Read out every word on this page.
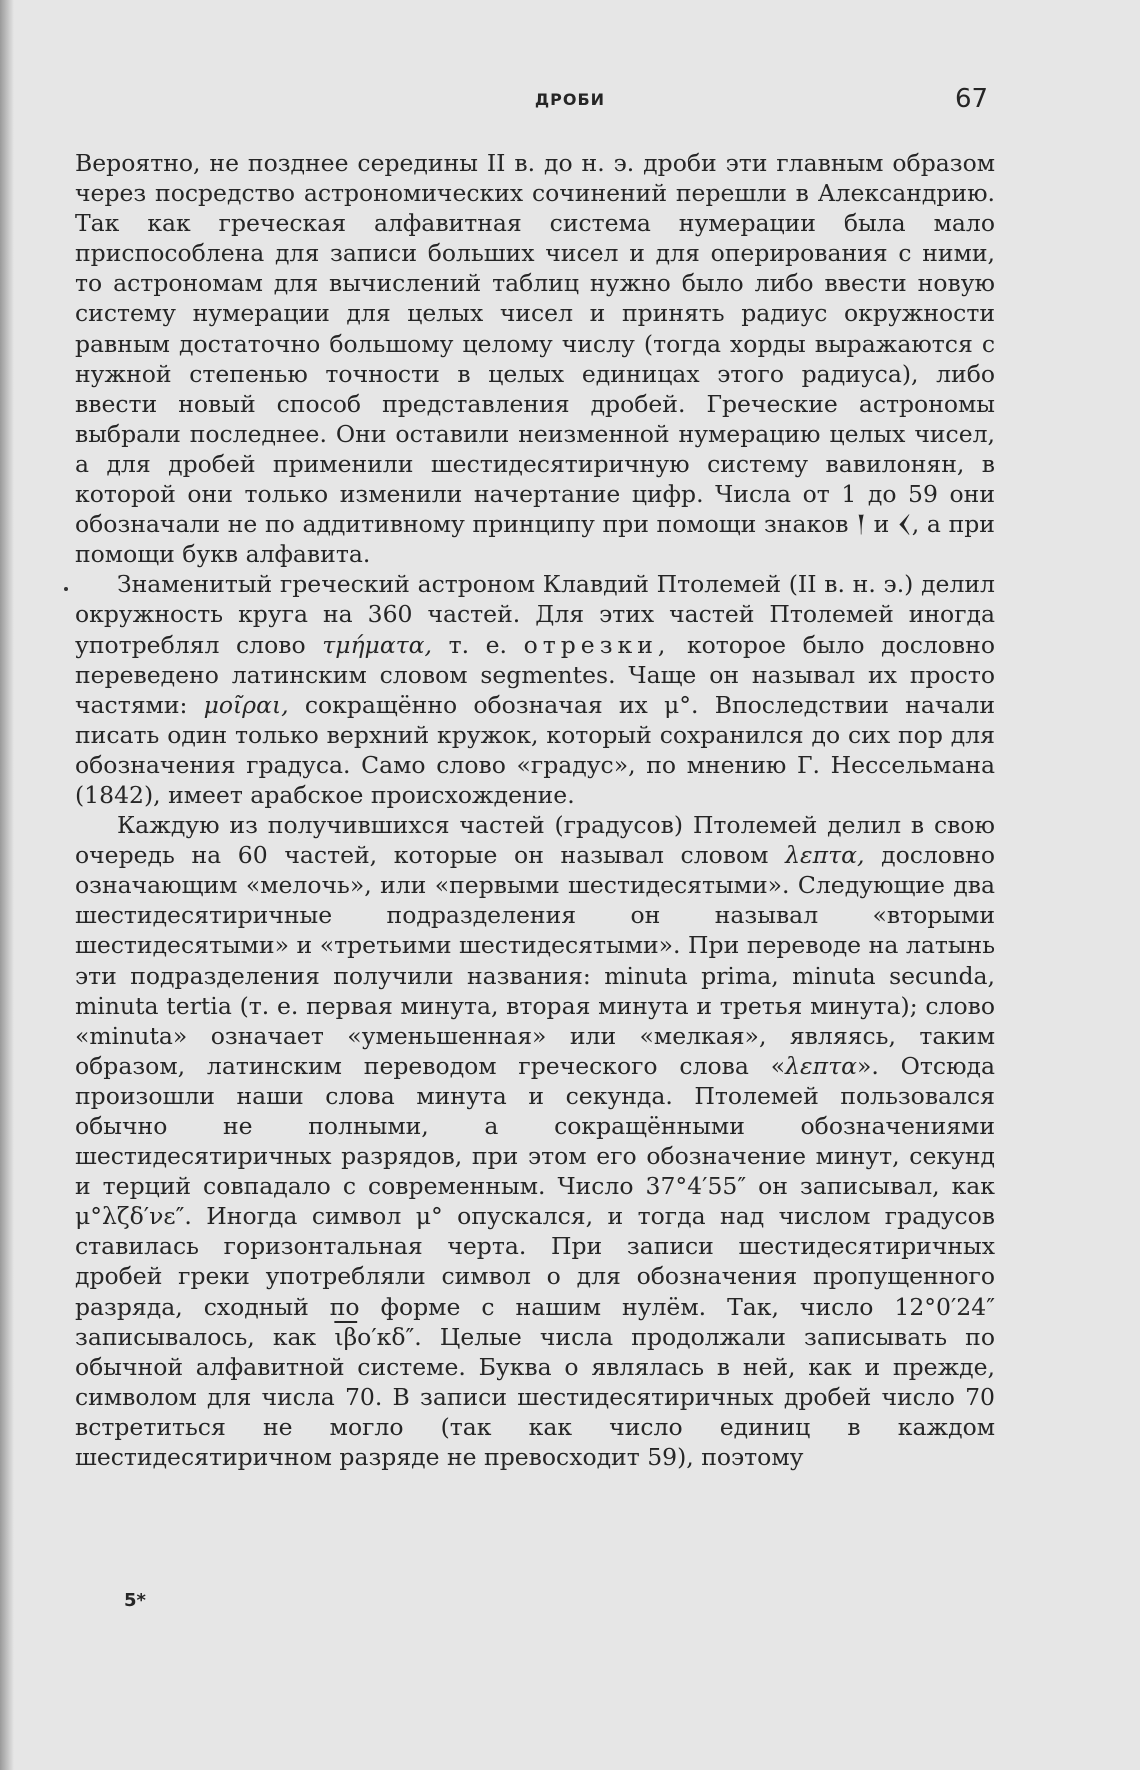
ДРОБИ	67

Вероятно, не позднее середины II в. до н. э. дроби эти главным образом через посредство астрономических сочинений перешли в Александрию. Так как греческая алфавитная система нумерации была мало приспособлена для записи больших чисел и для оперирования с ними, то астрономам для вычислений таблиц нужно было либо ввести новую систему нумерации для целых чисел и принять радиус окружности равным достаточно большому целому числу (тогда хорды выражаются с нужной степенью точности в целых единицах этого радиуса), либо ввести новый способ представления дробей. Греческие астрономы выбрали последнее. Они оставили неизменной нумерацию целых чисел, а для дробей применили шестидесятиричную систему вавилонян, в которой они только изменили начертание цифр. Числа от 1 до 59 они обозначали не по аддитивному принципу при помощи знаков 𒁹 и 𒌋, а при помощи букв алфавита.

Знаменитый греческий астроном Клавдий Птолемей (II в. н. э.) делил окружность круга на 360 частей. Для этих частей Птолемей иногда употреблял слово τμήματα, т. е. отрезки, которое было дословно переведено латинским словом segmentes. Чаще он называл их просто частями: μοῖραι, сокращённо обозначая их μ°. Впоследствии начали писать один только верхний кружок, который сохранился до сих пор для обозначения градуса. Само слово «градус», по мнению Г. Нессельмана (1842), имеет арабское происхождение.

Каждую из получившихся частей (градусов) Птолемей делил в свою очередь на 60 частей, которые он называл словом λεπτα, дословно означающим «мелочь», или «первыми шестидесятыми». Следующие два шестидесятиричные подразделения он называл «вторыми шестидесятыми» и «третьими шестидесятыми». При переводе на латынь эти подразделения получили названия: minuta prima, minuta secunda, minuta tertia (т. е. первая минута, вторая минута и третья минута); слово «minuta» означает «уменьшенная» или «мелкая», являясь, таким образом, латинским переводом греческого слова «λεπτα». Отсюда произошли наши слова минута и секунда. Птолемей пользовался обычно не полными, а сокращёнными обозначениями шестидесятиричных разрядов, при этом его обозначение минут, секунд и терций совпадало с современным. Число 37°4′55″ он записывал, как μ°λζδ′νε″. Иногда символ μ° опускался, и тогда над числом градусов ставилась горизонтальная черта. При записи шестидесятиричных дробей греки употребляли символ ο для обозначения пропущенного разряда, сходный по форме с нашим нулём. Так, число 12°0′24″ записывалось, как $\overline{\iota\beta}o'\kappa\delta''$. Целые числа продолжали записывать по обычной алфавитной системе. Буква ο являлась в ней, как и прежде, символом для числа 70. В записи шестидесятиричных дробей число 70 встретиться не могло (так как число единиц в каждом шестидесятиричном разряде не превосходит 59), поэтому

5*
